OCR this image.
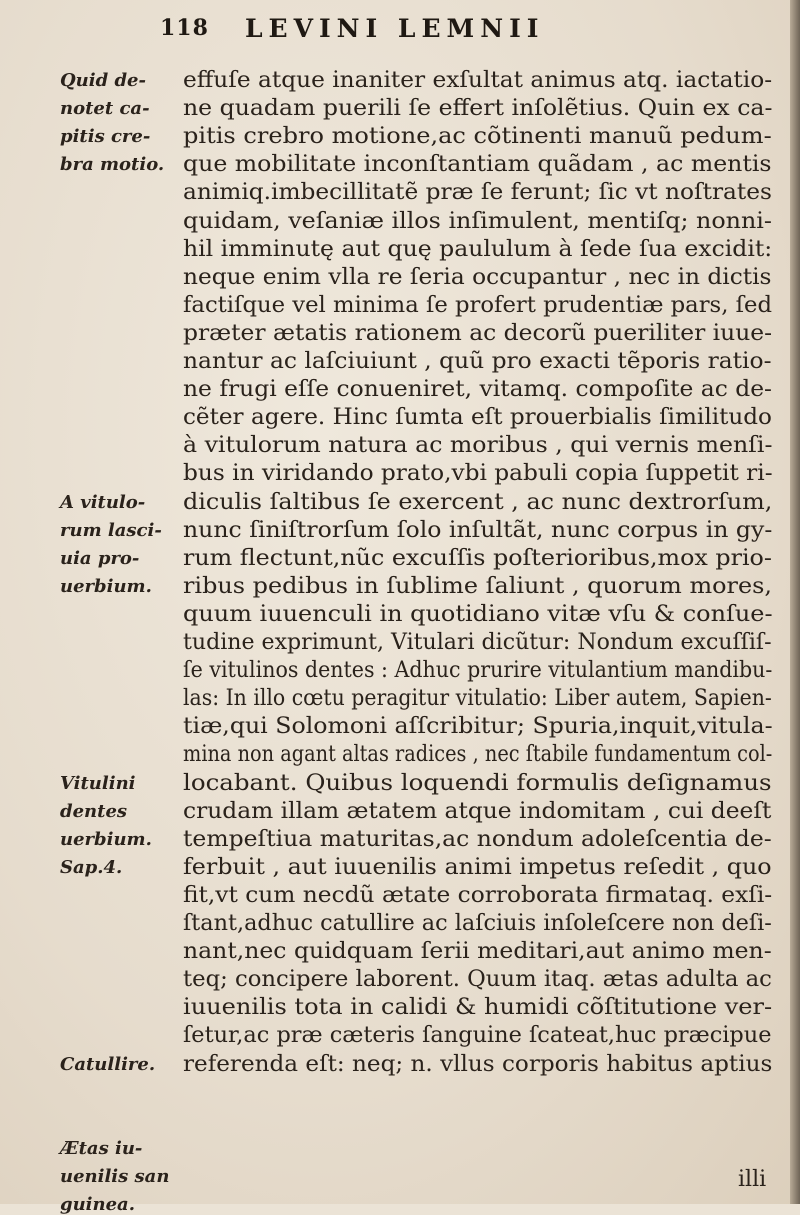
118 LEVINI LEMNII
Quid de-
notet ca-
pitis cre-
bra motio.
A vitulo-
rum lasci-
uia pro-
uerbium.
Vitulini
dentes
uerbium.
Sap.4.
Catullire.
Ætas iu-
uenilis san
guinea.
effuſe atque inaniter exſultat animus atq. iactatio-
ne quadam puerili ſe effert inſolẽtius. Quin ex ca-
pitis crebro motione,ac cõtinenti manuũ pedum-
que mobilitate inconſtantiam quãdam , ac mentis
animiq.imbecillitatẽ præ ſe ferunt; ſic vt noſtrates
quidam, veſaniæ illos inſimulent, mentiſq; nonni-
hil imminutę aut quę paululum à ſede ſua excidit:
neque enim vlla re ſeria occupantur , nec in dictis
factiſque vel minima ſe profert prudentiæ pars, ſed
præter ætatis rationem ac decorũ pueriliter iuue-
nantur ac laſciuiunt , quũ pro exacti tẽporis ratio-
ne frugi eſſe conueniret, vitamq. compoſite ac de-
cẽter agere. Hinc ſumta eſt prouerbialis ſimilitudo
à vitulorum natura ac moribus , qui vernis menſi-
bus in viridando prato,vbi pabuli copia ſuppetit ri-
diculis ſaltibus ſe exercent , ac nunc dextrorſum,
nunc ſiniſtrorſum ſolo inſultãt, nunc corpus in gy-
rum flectunt,nũc excuſſis poſterioribus,mox prio-
ribus pedibus in ſublime ſaliunt , quorum mores,
quum iuuenculi in quotidiano vitæ vſu & conſue-
tudine exprimunt, Vitulari dicũtur: Nondum excuſſiſ-
ſe vitulinos dentes : Adhuc prurire vitulantium mandibu-
las: In illo cœtu peragitur vitulatio: Liber autem, Sapien-
tiæ,qui Solomoni aſſcribitur; Spuria,inquit,vitula-
mina non agant altas radices , nec ſtabile fundamentum col-
locabant. Quibus loquendi formulis deſignamus
crudam illam ætatem atque indomitam , cui deeſt
tempeſtiua maturitas,ac nondum adoleſcentia de-
ferbuit , aut iuuenilis animi impetus reſedit , quo
fit,vt cum necdũ ætate corroborata firmataq. exſi-
ſtant,adhuc catullire ac laſciuis inſoleſcere non deſi-
nant,nec quidquam ſerii meditari,aut animo men-
teq; concipere laborent. Quum itaq. ætas adulta ac
iuuenilis tota in calidi & humidi cõſtitutione ver-
ſetur,ac præ cæteris ſanguine ſcateat,huc præcipue
referenda eſt: neq; n. vllus corporis habitus aptius
illi
